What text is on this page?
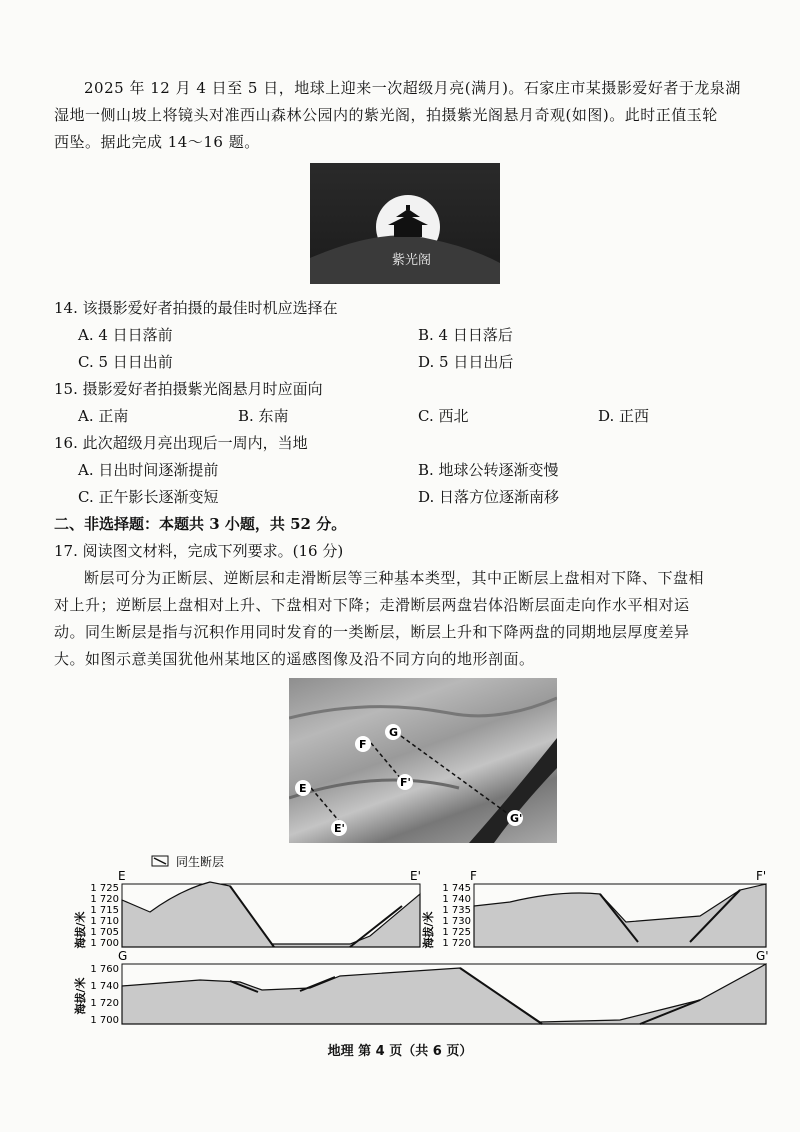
2025 年 12 月 4 日至 5 日，地球上迎来一次超级月亮(满月)。石家庄市某摄影爱好者于龙泉湖
湿地一侧山坡上将镜头对准西山森林公园内的紫光阁，拍摄紫光阁悬月奇观(如图)。此时正值玉轮
西坠。据此完成 14～16 题。
紫光阁
14. 该摄影爱好者拍摄的最佳时机应选择在
A. 4 日日落前	B. 4 日日落后
C. 5 日日出前	D. 5 日日出后
15. 摄影爱好者拍摄紫光阁悬月时应面向
A. 正南	B. 东南	C. 西北	D. 正西
16. 此次超级月亮出现后一周内，当地
A. 日出时间逐渐提前	B. 地球公转逐渐变慢
C. 正午影长逐渐变短	D. 日落方位逐渐南移
二、非选择题：本题共 3 小题，共 52 分。
17. 阅读图文材料，完成下列要求。(16 分)
断层可分为正断层、逆断层和走滑断层等三种基本类型，其中正断层上盘相对下降、下盘相
对上升；逆断层上盘相对上升、下盘相对下降；走滑断层两盘岩体沿断层面走向作水平相对运
动。同生断层是指与沉积作用同时发育的一类断层，断层上升和下降两盘的同期地层厚度差异
大。如图示意美国犹他州某地区的遥感图像及沿不同方向的地形剖面。
G
F
F'
E
E'
G'
同生断层
E	E'
海拔/米
1 725
1 720
1 715
1 710
1 705
1 700
F	F'
海拔/米
1 745
1 740
1 735
1 730
1 725
1 720
G	G'
海拔/米
1 760
1 740
1 720
1 700
地理 第 4 页（共 6 页）
